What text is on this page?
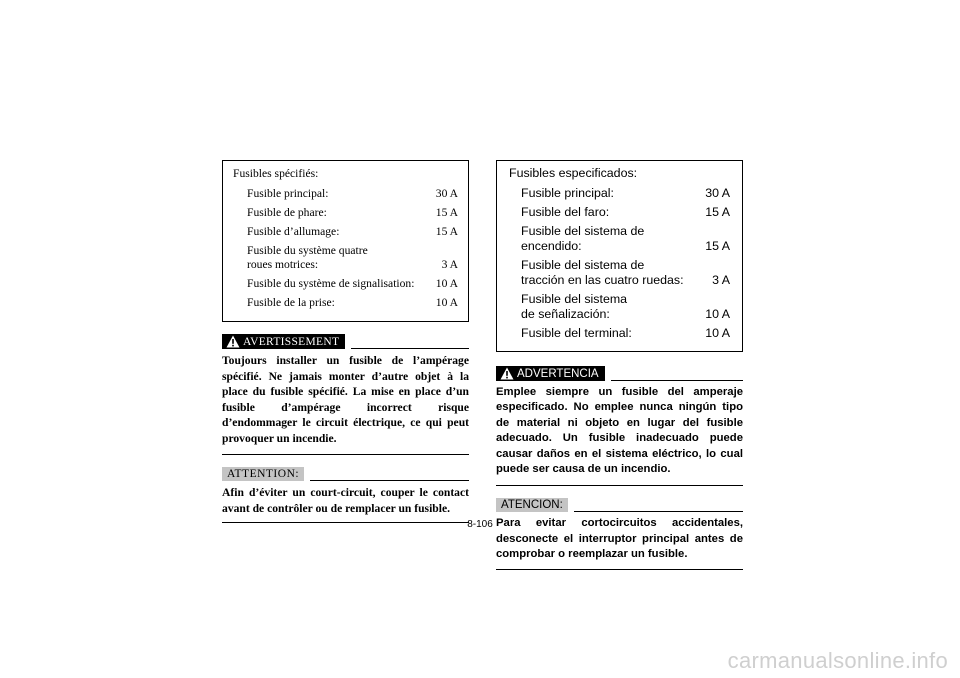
Fusibles spécifiés:
Fusible principal:	30 A
Fusible de phare:	15 A
Fusible d’allumage:	15 A
Fusible du système quatre roues motrices:	3 A
Fusible du système de signalisation: 10 A
Fusible de la prise:	10 A
AVERTISSEMENT

Toujours installer un fusible de l’ampérage spécifié. Ne jamais monter d’autre objet à la place du fusible spécifié. La mise en place d’un fusible d’ampérage incorrect risque d’endommager le circuit électrique, ce qui peut provoquer un incendie.

ATTENTION:

Afin d’éviter un court-circuit, couper le contact avant de contrôler ou de remplacer un fusible.

Fusibles especificados:
Fusible principal:	30 A
Fusible del faro:	15 A
Fusible del sistema de encendido:	15 A
Fusible del sistema de tracción en las cuatro ruedas: 3 A
Fusible del sistema de señalización:	10 A
Fusible del terminal:	10 A
ADVERTENCIA

Emplee siempre un fusible del amperaje especificado. No emplee nunca ningún tipo de material ni objeto en lugar del fusible adecuado. Un fusible inadecuado puede causar daños en el sistema eléctrico, lo cual puede ser causa de un incendio.

ATENCION:

Para evitar cortocircuitos accidentales, desconecte el interruptor principal antes de comprobar o reemplazar un fusible.

8-106
carmanualsonline.info
